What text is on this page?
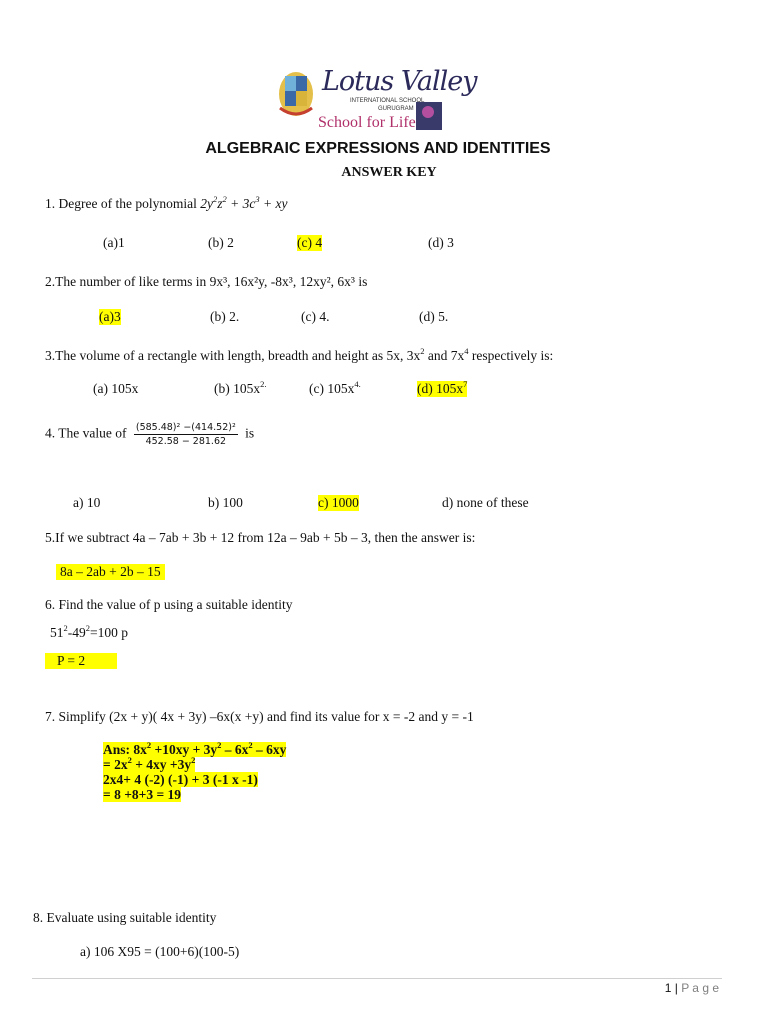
Lotus Valley
INTERNATIONAL SCHOOL
GURUGRAM
School for Life
ALGEBRAIC EXPRESSIONS AND IDENTITIES
ANSWER KEY
1. Degree of the polynomial $2y^2z^2 + 3c^3$ + xy
(a)1	(b) 2	(c) 4	(d) 3
2.The number of like terms in 9x³, 16x²y, -8x³, 12xy², 6x³ is
(a)3	(b) 2.	(c) 4.	(d) 5.
3.The volume of a rectangle with length, breadth and height as 5x, $3x^2$ and $7x^4$ respectively is:
(a) 105x	(b) $105x^{2.}$	(c) $105x^{4.}$	(d) $105x^7$
4. The value of $\frac{\text{(585.48)² −(414.52)²}}{452.58 - 281.62}$ is
a) 10	b) 100	c) 1000	d) none of these
5.If we subtract 4a – 7ab + 3b + 12 from 12a – 9ab + 5b – 3, then the answer is:
8a – 2ab + 2b – 15
6. Find the value of p using a suitable identity
$51^2-49^2=100$ p
P = 2
7. Simplify (2x + y)( 4x + 3y) –6x(x +y) and find its value for x = -2 and y = -1
Ans: $8x^2 +10xy + 3y^2 - 6x^2 - 6xy$
= $2x^2 + 4xy +3y^2$
2x4+ 4 (-2) (-1) + 3 (-1 x -1)
= 8 +8+3 = 19
8. Evaluate using suitable identity
a) 106 X95 = (100+6)(100-5)
1 | P a g e
